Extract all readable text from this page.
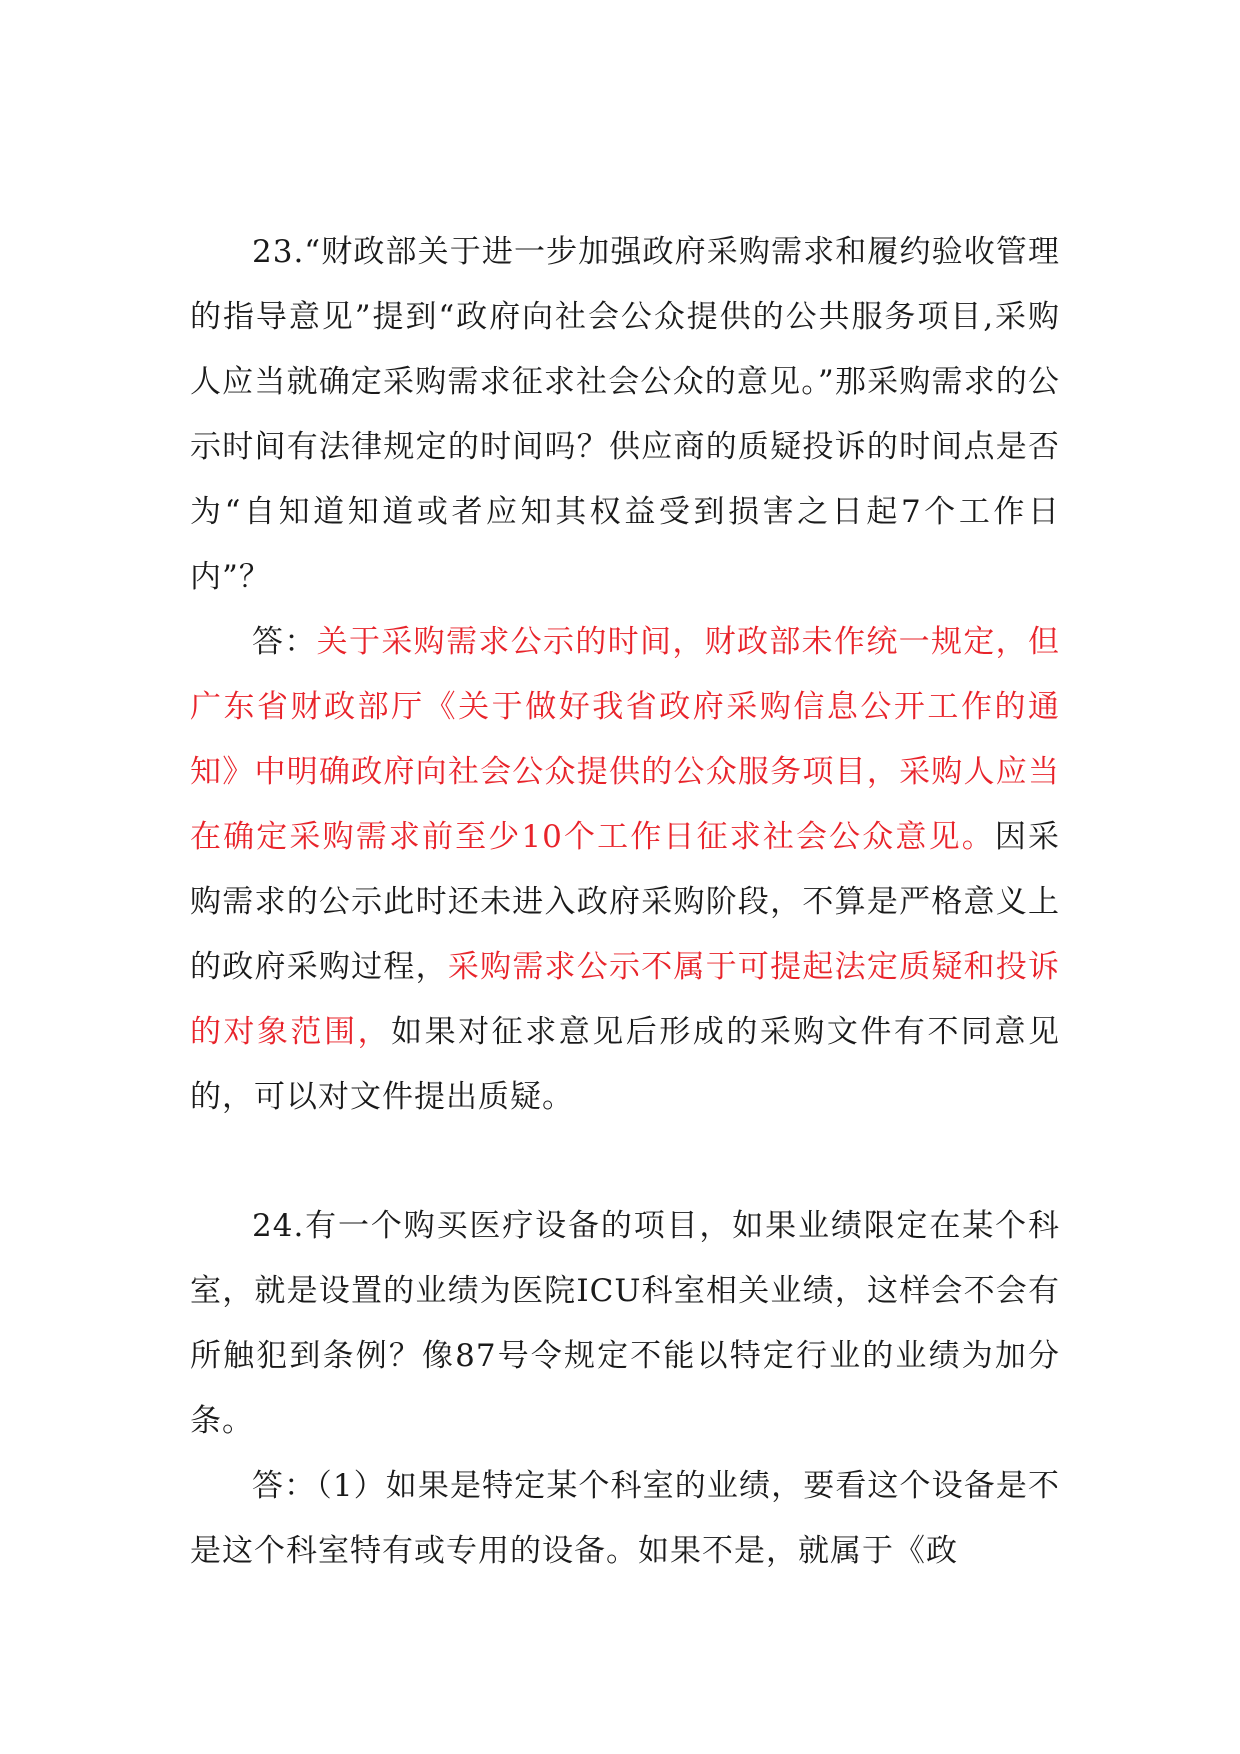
23.“财政部关于进一步加强政府采购需求和履约验收管理的指导意见”提到“政府向社会公众提供的公共服务项目,采购人应当就确定采购需求征求社会公众的意见。”那采购需求的公示时间有法律规定的时间吗？供应商的质疑投诉的时间点是否为“自知道知道或者应知其权益受到损害之日起7个工作日内”？

答：关于采购需求公示的时间，财政部未作统一规定，但广东省财政部厅《关于做好我省政府采购信息公开工作的通知》中明确政府向社会公众提供的公众服务项目，采购人应当在确定采购需求前至少10个工作日征求社会公众意见。因采购需求的公示此时还未进入政府采购阶段，不算是严格意义上的政府采购过程，采购需求公示不属于可提起法定质疑和投诉的对象范围，如果对征求意见后形成的采购文件有不同意见的，可以对文件提出质疑。

24.有一个购买医疗设备的项目，如果业绩限定在某个科室，就是设置的业绩为医院ICU科室相关业绩，这样会不会有所触犯到条例？像87号令规定不能以特定行业的业绩为加分条。

答：（1）如果是特定某个科室的业绩，要看这个设备是不是这个科室特有或专用的设备。如果不是，就属于《政
